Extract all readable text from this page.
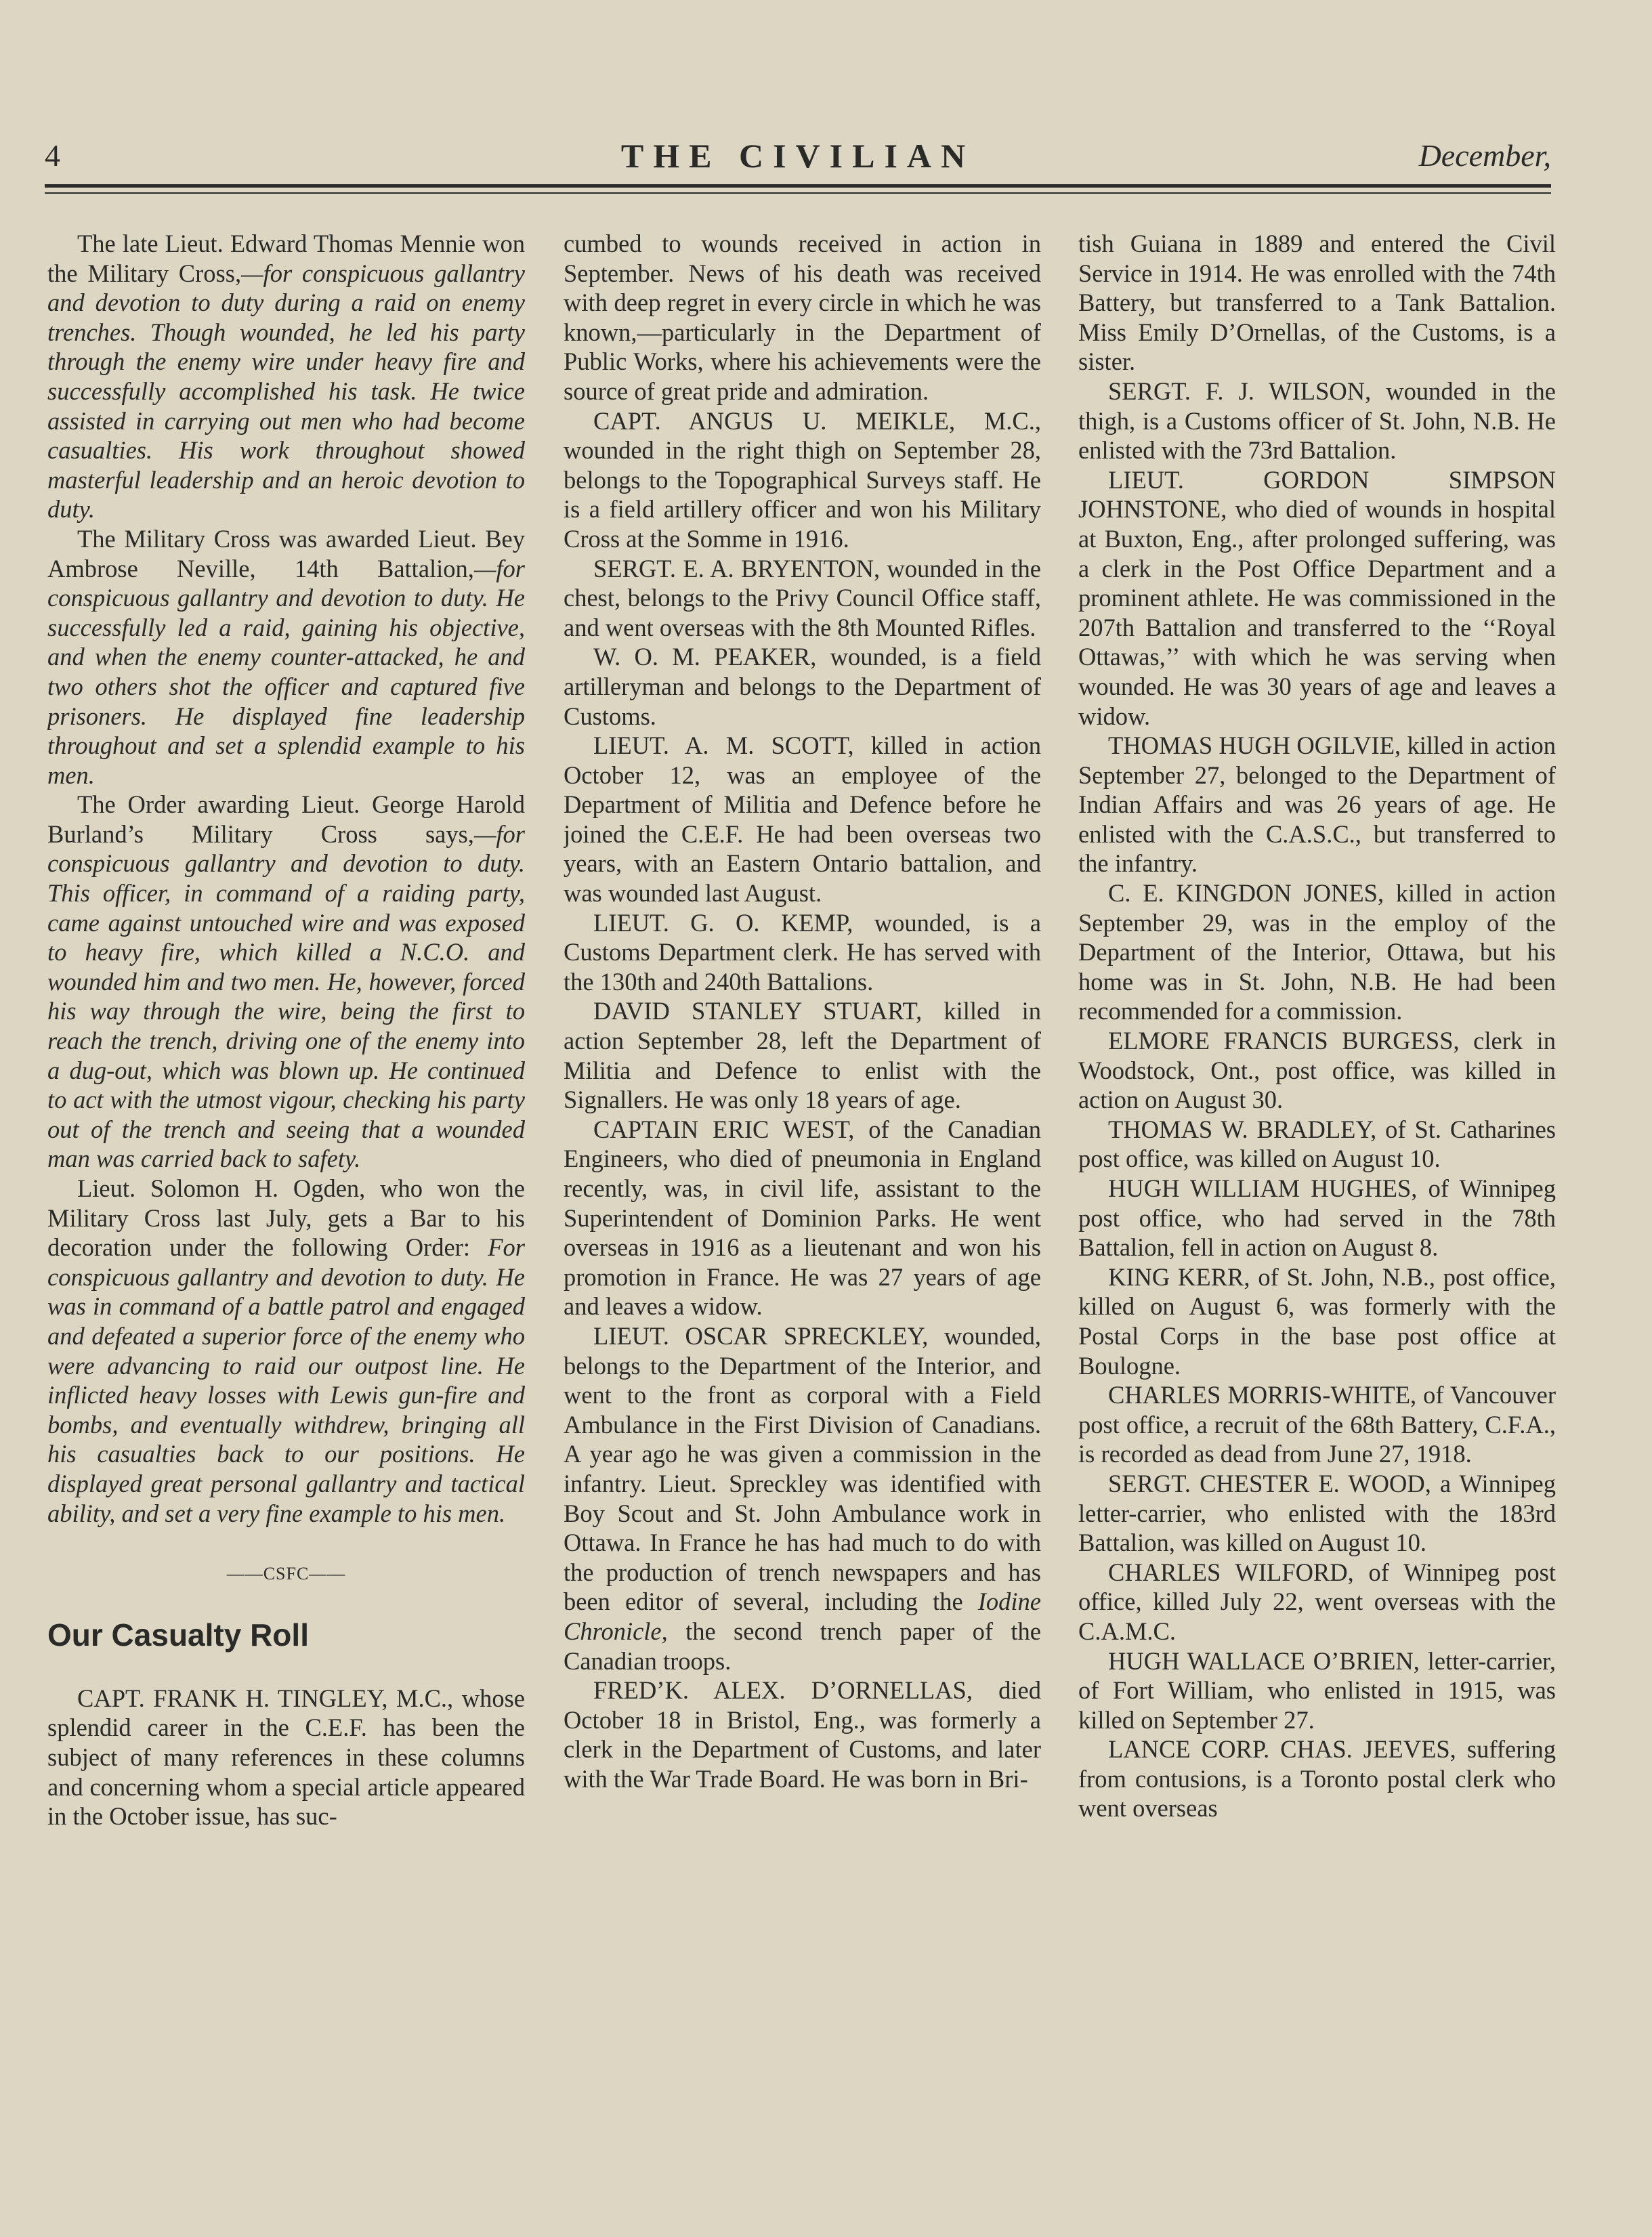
4	THE CIVILIAN	December,

The late Lieut. Edward Thomas Mennie won the Military Cross,—for conspicuous gallantry and devotion to duty during a raid on enemy trenches. Though wounded, he led his party through the enemy wire under heavy fire and successfully accomplished his task. He twice assisted in carrying out men who had become casualties. His work throughout showed masterful leadership and an heroic devotion to duty.

The Military Cross was awarded Lieut. Bey Ambrose Neville, 14th Battalion,—for conspicuous gallantry and devotion to duty. He successfully led a raid, gaining his objective, and when the enemy counter-attacked, he and two others shot the officer and captured five prisoners. He displayed fine leadership throughout and set a splendid example to his men.

The Order awarding Lieut. George Harold Burland’s Military Cross says,—for conspicuous gallantry and devotion to duty. This officer, in command of a raiding party, came against untouched wire and was exposed to heavy fire, which killed a N.C.O. and wounded him and two men. He, however, forced his way through the wire, being the first to reach the trench, driving one of the enemy into a dug-out, which was blown up. He continued to act with the utmost vigour, checking his party out of the trench and seeing that a wounded man was carried back to safety.

Lieut. Solomon H. Ogden, who won the Military Cross last July, gets a Bar to his decoration under the following Order: For conspicuous gallantry and devotion to duty. He was in command of a battle patrol and engaged and defeated a superior force of the enemy who were advancing to raid our outpost line. He inflicted heavy losses with Lewis gun-fire and bombs, and eventually withdrew, bringing all his casualties back to our positions. He displayed great personal gallantry and tactical ability, and set a very fine example to his men.

——CSFC——
Our Casualty Roll

CAPT. FRANK H. TINGLEY, M.C., whose splendid career in the C.E.F. has been the subject of many references in these columns and concerning whom a special article appeared in the October issue, has suc-

cumbed to wounds received in action in September. News of his death was received with deep regret in every circle in which he was known,—particularly in the Department of Public Works, where his achievements were the source of great pride and admiration.

CAPT. ANGUS U. MEIKLE, M.C., wounded in the right thigh on September 28, belongs to the Topographical Surveys staff. He is a field artillery officer and won his Military Cross at the Somme in 1916.

SERGT. E. A. BRYENTON, wounded in the chest, belongs to the Privy Council Office staff, and went overseas with the 8th Mounted Rifles.

W. O. M. PEAKER, wounded, is a field artilleryman and belongs to the Department of Customs.

LIEUT. A. M. SCOTT, killed in action October 12, was an employee of the Department of Militia and Defence before he joined the C.E.F. He had been overseas two years, with an Eastern Ontario battalion, and was wounded last August.

LIEUT. G. O. KEMP, wounded, is a Customs Department clerk. He has served with the 130th and 240th Battalions.

DAVID STANLEY STUART, killed in action September 28, left the Department of Militia and Defence to enlist with the Signallers. He was only 18 years of age.

CAPTAIN ERIC WEST, of the Canadian Engineers, who died of pneumonia in England recently, was, in civil life, assistant to the Superintendent of Dominion Parks. He went overseas in 1916 as a lieutenant and won his promotion in France. He was 27 years of age and leaves a widow.

LIEUT. OSCAR SPRECKLEY, wounded, belongs to the Department of the Interior, and went to the front as corporal with a Field Ambulance in the First Division of Canadians. A year ago he was given a commission in the infantry. Lieut. Spreckley was identified with Boy Scout and St. John Ambulance work in Ottawa. In France he has had much to do with the production of trench newspapers and has been editor of several, including the Iodine Chronicle, the second trench paper of the Canadian troops.

FRED’K. ALEX. D’ORNELLAS, died October 18 in Bristol, Eng., was formerly a clerk in the Department of Customs, and later with the War Trade Board. He was born in Bri-

tish Guiana in 1889 and entered the Civil Service in 1914. He was enrolled with the 74th Battery, but transferred to a Tank Battalion. Miss Emily D’Ornellas, of the Customs, is a sister.

SERGT. F. J. WILSON, wounded in the thigh, is a Customs officer of St. John, N.B. He enlisted with the 73rd Battalion.

LIEUT. GORDON SIMPSON JOHNSTONE, who died of wounds in hospital at Buxton, Eng., after prolonged suffering, was a clerk in the Post Office Department and a prominent athlete. He was commissioned in the 207th Battalion and transferred to the ‘‘Royal Ottawas,’’ with which he was serving when wounded. He was 30 years of age and leaves a widow.

THOMAS HUGH OGILVIE, killed in action September 27, belonged to the Department of Indian Affairs and was 26 years of age. He enlisted with the C.A.S.C., but transferred to the infantry.

C. E. KINGDON JONES, killed in action September 29, was in the employ of the Department of the Interior, Ottawa, but his home was in St. John, N.B. He had been recommended for a commission.

ELMORE FRANCIS BURGESS, clerk in Woodstock, Ont., post office, was killed in action on August 30.

THOMAS W. BRADLEY, of St. Catharines post office, was killed on August 10.

HUGH WILLIAM HUGHES, of Winnipeg post office, who had served in the 78th Battalion, fell in action on August 8.

KING KERR, of St. John, N.B., post office, killed on August 6, was formerly with the Postal Corps in the base post office at Boulogne.

CHARLES MORRIS-WHITE, of Vancouver post office, a recruit of the 68th Battery, C.F.A., is recorded as dead from June 27, 1918.

SERGT. CHESTER E. WOOD, a Winnipeg letter-carrier, who enlisted with the 183rd Battalion, was killed on August 10.

CHARLES WILFORD, of Winnipeg post office, killed July 22, went overseas with the C.A.M.C.

HUGH WALLACE O’BRIEN, letter-carrier, of Fort William, who enlisted in 1915, was killed on September 27.

LANCE CORP. CHAS. JEEVES, suffering from contusions, is a Toronto postal clerk who went overseas
